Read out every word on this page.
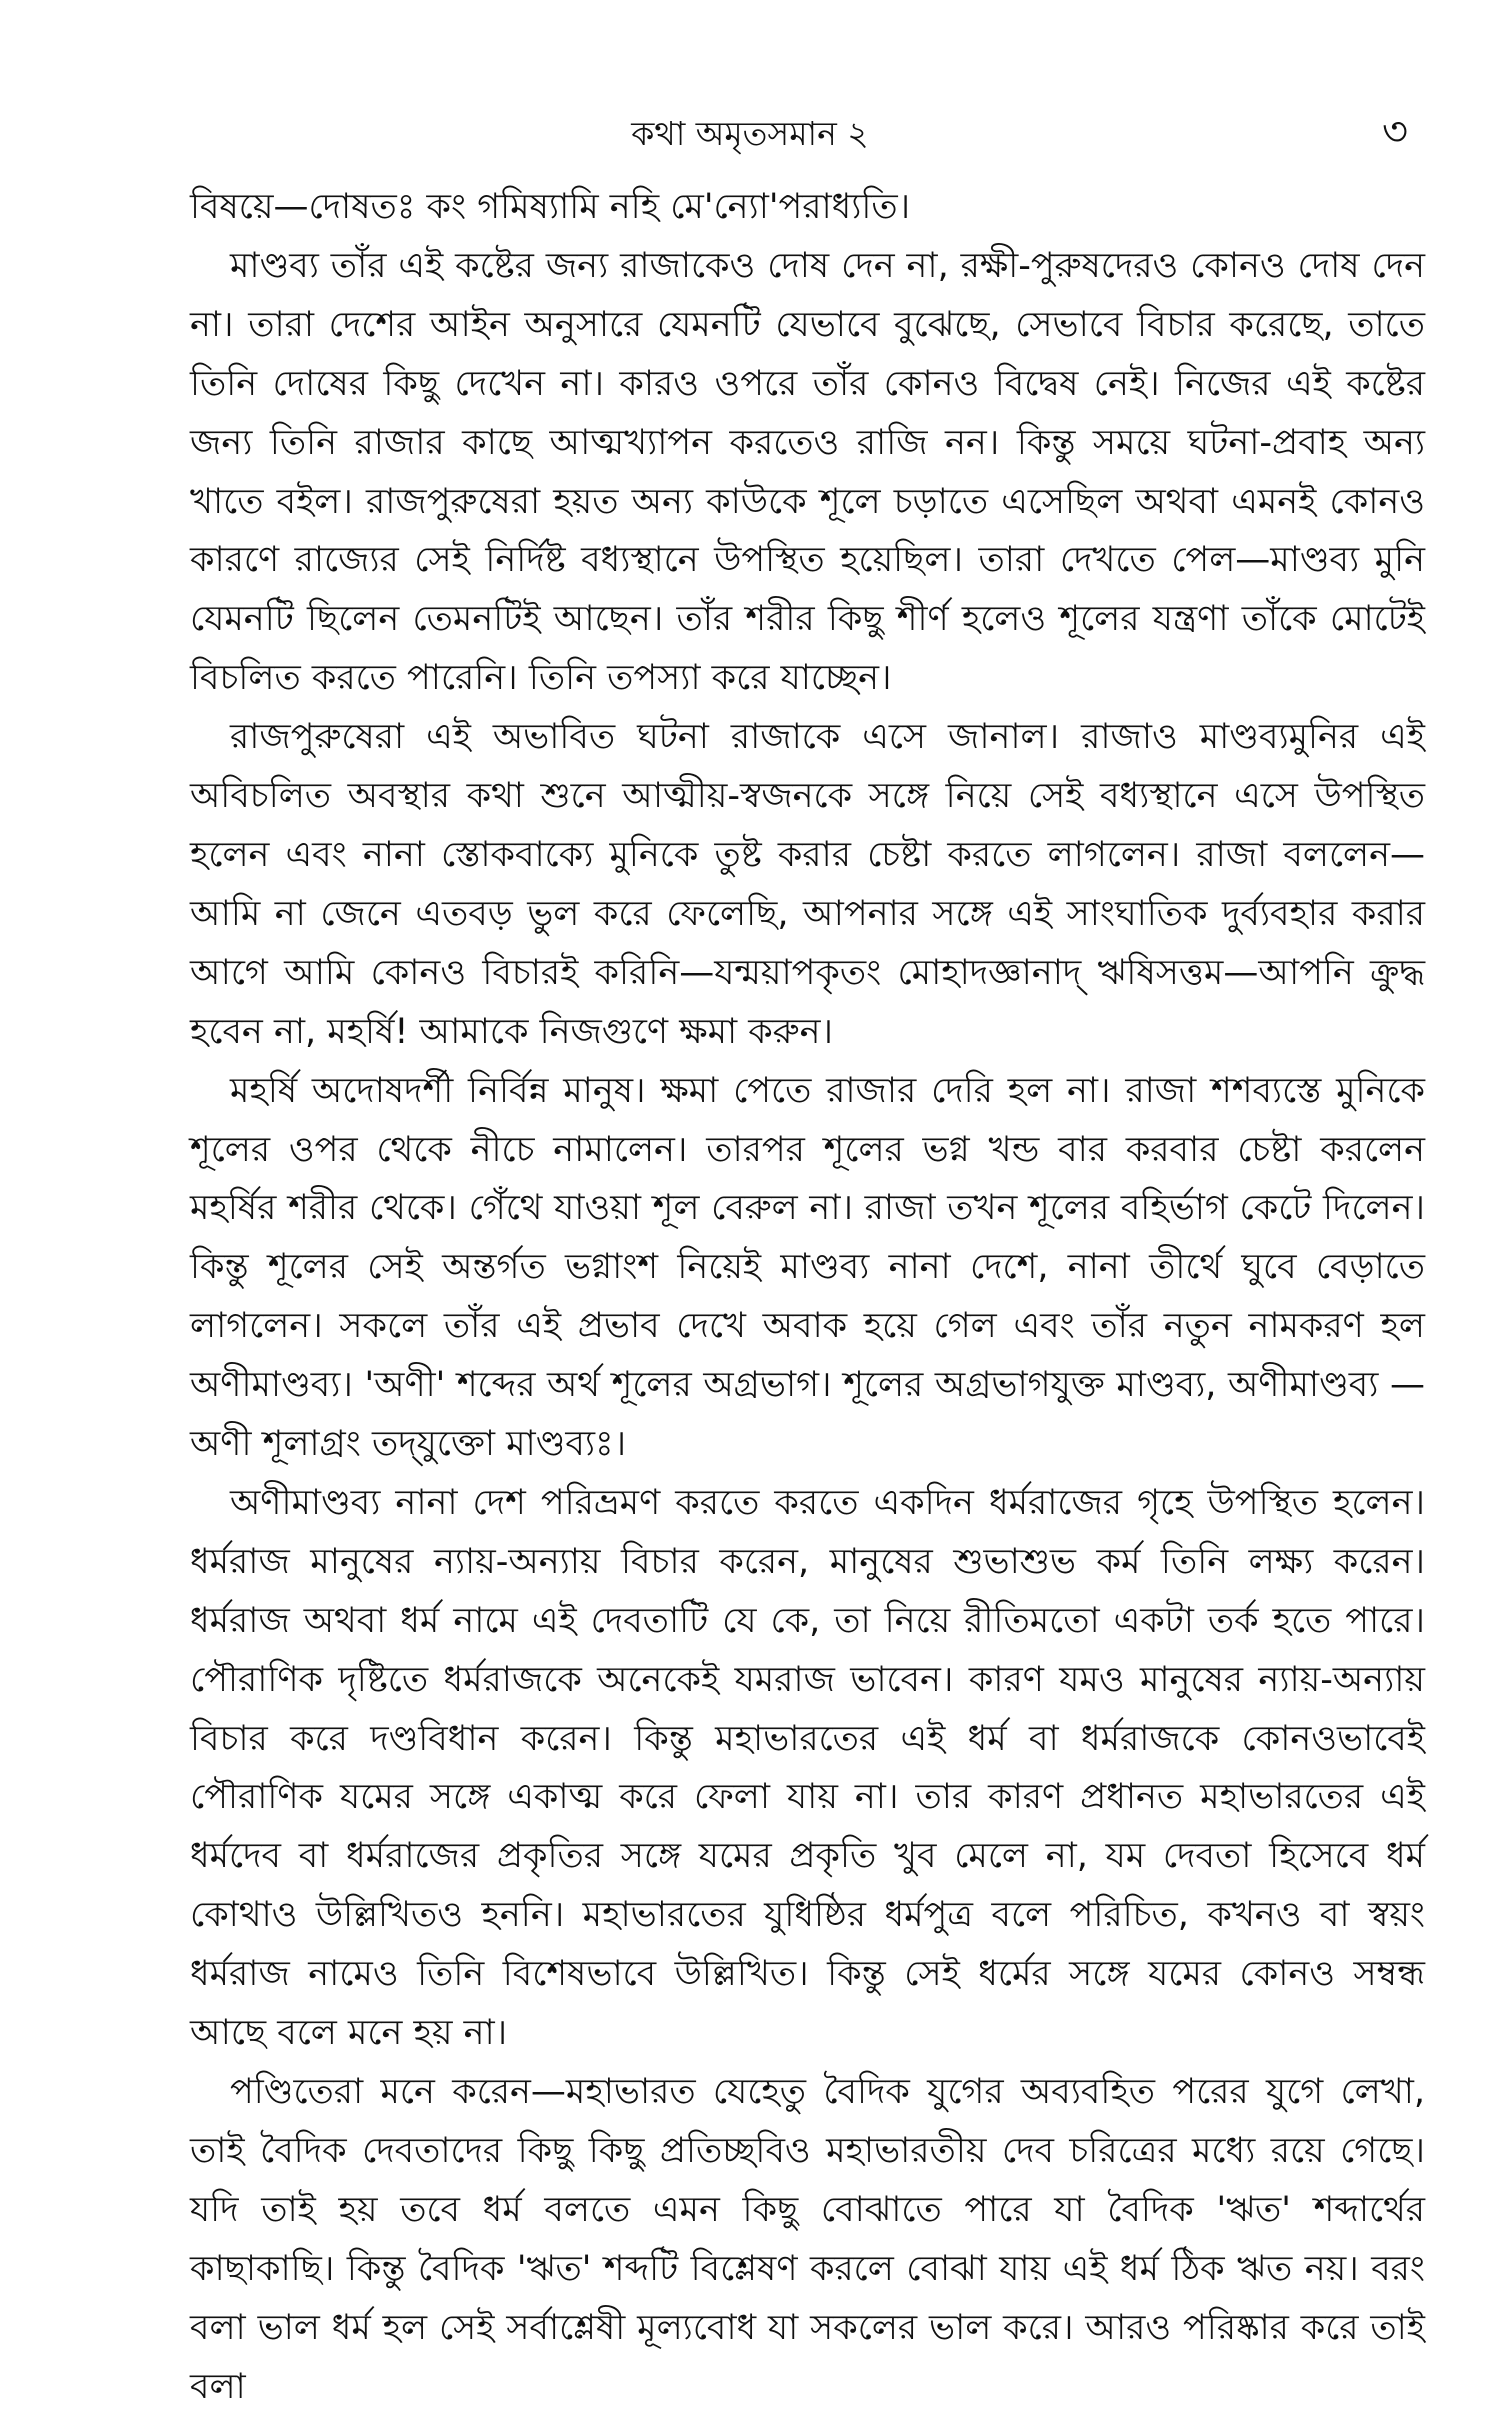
কথা অমৃতসমান ২	৩

বিষয়ে—দোষতঃ কং গমিষ্যামি নহি মে'ন্যো'পরাধ্যতি।

মাণ্ডব্য তাঁর এই কষ্টের জন্য রাজাকেও দোষ দেন না, রক্ষী-পুরুষদেরও কোনও দোষ দেন না। তারা দেশের আইন অনুসারে যেমনটি যেভাবে বুঝেছে, সেভাবে বিচার করেছে, তাতে তিনি দোষের কিছু দেখেন না। কারও ওপরে তাঁর কোনও বিদ্বেষ নেই। নিজের এই কষ্টের জন্য তিনি রাজার কাছে আত্মখ্যাপন করতেও রাজি নন। কিন্তু সময়ে ঘটনা-প্রবাহ অন্য খাতে বইল। রাজপুরুষেরা হয়ত অন্য কাউকে শূলে চড়াতে এসেছিল অথবা এমনই কোনও কারণে রাজ্যের সেই নির্দিষ্ট বধ্যস্থানে উপস্থিত হয়েছিল। তারা দেখতে পেল—মাণ্ডব্য মুনি যেমনটি ছিলেন তেমনটিই আছেন। তাঁর শরীর কিছু শীর্ণ হলেও শূলের যন্ত্রণা তাঁকে মোটেই বিচলিত করতে পারেনি। তিনি তপস্যা করে যাচ্ছেন।

রাজপুরুষেরা এই অভাবিত ঘটনা রাজাকে এসে জানাল। রাজাও মাণ্ডব্যমুনির এই অবিচলিত অবস্থার কথা শুনে আত্মীয়-স্বজনকে সঙ্গে নিয়ে সেই বধ্যস্থানে এসে উপস্থিত হলেন এবং নানা স্তোকবাক্যে মুনিকে তুষ্ট করার চেষ্টা করতে লাগলেন। রাজা বললেন—আমি না জেনে এতবড় ভুল করে ফেলেছি, আপনার সঙ্গে এই সাংঘাতিক দুর্ব্যবহার করার আগে আমি কোনও বিচারই করিনি—যন্ময়াপকৃতং মোহাদজ্ঞানাদ্ ঋষিসত্তম—আপনি ক্রুদ্ধ হবেন না, মহর্ষি! আমাকে নিজগুণে ক্ষমা করুন।

মহর্ষি অদোষদর্শী নির্বিন্ন মানুষ। ক্ষমা পেতে রাজার দেরি হল না। রাজা শশব্যস্তে মুনিকে শূলের ওপর থেকে নীচে নামালেন। তারপর শূলের ভগ্ন খন্ড বার করবার চেষ্টা করলেন মহর্ষির শরীর থেকে। গেঁথে যাওয়া শূল বেরুল না। রাজা তখন শূলের বহির্ভাগ কেটে দিলেন। কিন্তু শূলের সেই অন্তর্গত ভগ্নাংশ নিয়েই মাণ্ডব্য নানা দেশে, নানা তীর্থে ঘুবে বেড়াতে লাগলেন। সকলে তাঁর এই প্রভাব দেখে অবাক হয়ে গেল এবং তাঁর নতুন নামকরণ হল অণীমাণ্ডব্য। 'অণী' শব্দের অর্থ শূলের অগ্রভাগ। শূলের অগ্রভাগযুক্ত মাণ্ডব্য, অণীমাণ্ডব্য —অণী শূলাগ্রং তদ্‌যুক্তো মাণ্ডব্যঃ।

অণীমাণ্ডব্য নানা দেশ পরিভ্রমণ করতে করতে একদিন ধর্মরাজের গৃহে উপস্থিত হলেন। ধর্মরাজ মানুষের ন্যায়-অন্যায় বিচার করেন, মানুষের শুভাশুভ কর্ম তিনি লক্ষ্য করেন। ধর্মরাজ অথবা ধর্ম নামে এই দেবতাটি যে কে, তা নিয়ে রীতিমতো একটা তর্ক হতে পারে। পৌরাণিক দৃষ্টিতে ধর্মরাজকে অনেকেই যমরাজ ভাবেন। কারণ যমও মানুষের ন্যায়-অন্যায় বিচার করে দণ্ডবিধান করেন। কিন্তু মহাভারতের এই ধর্ম বা ধর্মরাজকে কোনওভাবেই পৌরাণিক যমের সঙ্গে একাত্ম করে ফেলা যায় না। তার কারণ প্রধানত মহাভারতের এই ধর্মদেব বা ধর্মরাজের প্রকৃতির সঙ্গে যমের প্রকৃতি খুব মেলে না, যম দেবতা হিসেবে ধর্ম কোথাও উল্লিখিতও হননি। মহাভারতের যুধিষ্ঠির ধর্মপুত্র বলে পরিচিত, কখনও বা স্বয়ং ধর্মরাজ নামেও তিনি বিশেষভাবে উল্লিখিত। কিন্তু সেই ধর্মের সঙ্গে যমের কোনও সম্বন্ধ আছে বলে মনে হয় না।

পণ্ডিতেরা মনে করেন—মহাভারত যেহেতু বৈদিক যুগের অব্যবহিত পরের যুগে লেখা, তাই বৈদিক দেবতাদের কিছু কিছু প্রতিচ্ছবিও মহাভারতীয় দেব চরিত্রের মধ্যে রয়ে গেছে। যদি তাই হয় তবে ধর্ম বলতে এমন কিছু বোঝাতে পারে যা বৈদিক 'ঋত' শব্দার্থের কাছাকাছি। কিন্তু বৈদিক 'ঋত' শব্দটি বিশ্লেষণ করলে বোঝা যায় এই ধর্ম ঠিক ঋত নয়। বরং বলা ভাল ধর্ম হল সেই সর্বাশ্লেষী মূল্যবোধ যা সকলের ভাল করে। আরও পরিষ্কার করে তাই বলা
